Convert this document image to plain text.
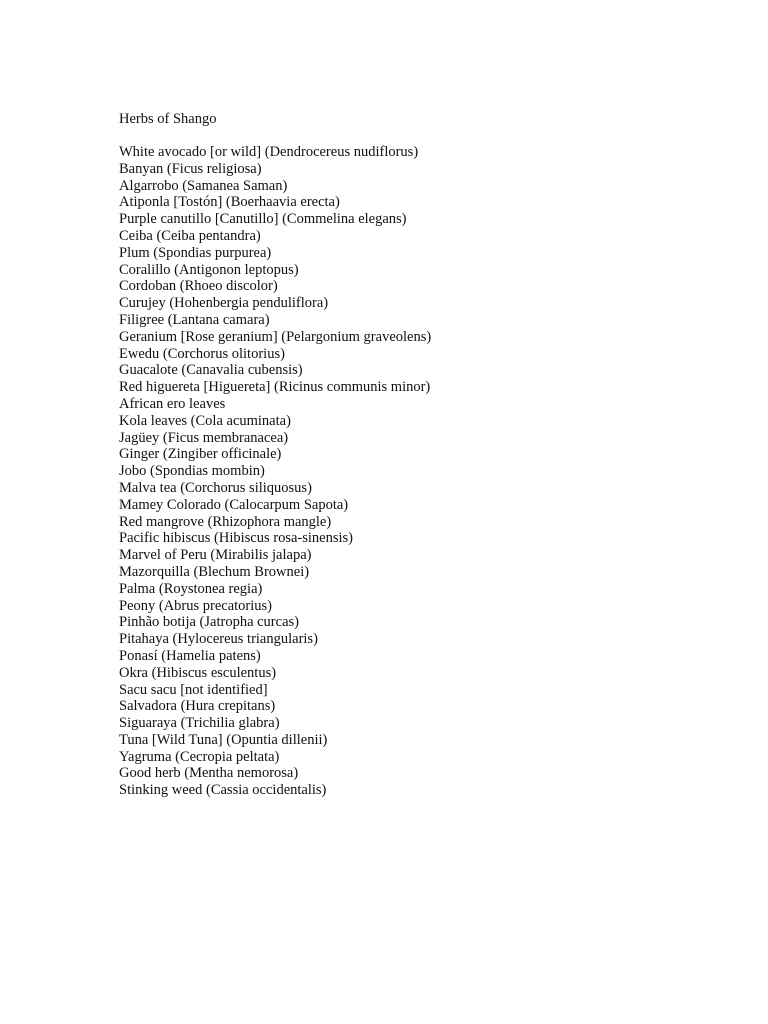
Herbs of Shango
White avocado [or wild] (Dendrocereus nudiflorus)
Banyan (Ficus religiosa)
Algarrobo (Samanea Saman)
Atiponla [Tostón] (Boerhaavia erecta)
Purple canutillo [Canutillo] (Commelina elegans)
Ceiba (Ceiba pentandra)
Plum (Spondias purpurea)
Coralillo (Antigonon leptopus)
Cordoban (Rhoeo discolor)
Curujey (Hohenbergia penduliflora)
Filigree (Lantana camara)
Geranium [Rose geranium] (Pelargonium graveolens)
Ewedu (Corchorus olitorius)
Guacalote (Canavalia cubensis)
Red higuereta [Higuereta] (Ricinus communis minor)
African ero leaves
Kola leaves (Cola acuminata)
Jagüey (Ficus membranacea)
Ginger (Zingiber officinale)
Jobo (Spondias mombin)
Malva tea (Corchorus siliquosus)
Mamey Colorado (Calocarpum Sapota)
Red mangrove (Rhizophora mangle)
Pacific hibiscus (Hibiscus rosa-sinensis)
Marvel of Peru (Mirabilis jalapa)
Mazorquilla (Blechum Brownei)
Palma (Roystonea regia)
Peony (Abrus precatorius)
Pinhão botija (Jatropha curcas)
Pitahaya (Hylocereus triangularis)
Ponasí (Hamelia patens)
Okra (Hibiscus esculentus)
Sacu sacu [not identified]
Salvadora (Hura crepitans)
Siguaraya (Trichilia glabra)
Tuna [Wild Tuna] (Opuntia dillenii)
Yagruma (Cecropia peltata)
Good herb (Mentha nemorosa)
Stinking weed (Cassia occidentalis)
